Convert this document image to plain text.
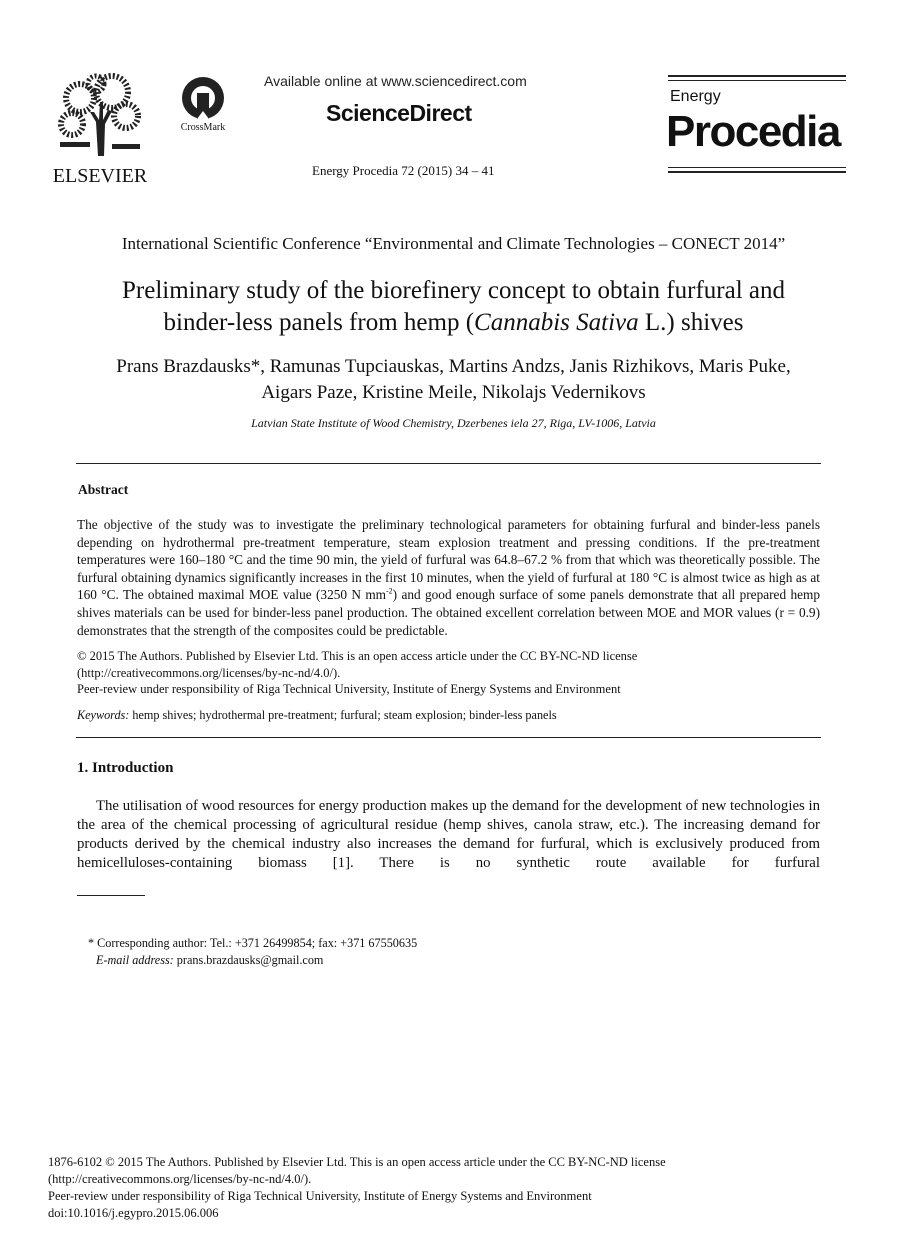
ELSEVIER
CrossMark
Available online at www.sciencedirect.com
ScienceDirect
Energy Procedia 72 (2015) 34 – 41
Energy
Procedia
International Scientific Conference “Environmental and Climate Technologies – CONECT 2014”
Preliminary study of the biorefinery concept to obtain furfural and
binder-less panels from hemp (Cannabis Sativa L.) shives
Prans Brazdausks*, Ramunas Tupciauskas, Martins Andzs, Janis Rizhikovs, Maris Puke,
Aigars Paze, Kristine Meile, Nikolajs Vedernikovs
Latvian State Institute of Wood Chemistry, Dzerbenes iela 27, Riga, LV-1006, Latvia
Abstract
The objective of the study was to investigate the preliminary technological parameters for obtaining furfural and binder-less panels depending on hydrothermal pre-treatment temperature, steam explosion treatment and pressing conditions. If the pre-treatment temperatures were 160–180 °C and the time 90 min, the yield of furfural was 64.8–67.2 % from that which was theoretically possible. The furfural obtaining dynamics significantly increases in the first 10 minutes, when the yield of furfural at 180 °C is almost twice as high as at 160 °C. The obtained maximal MOE value (3250 N $mm^{-2}$) and good enough surface of some panels demonstrate that all prepared hemp shives materials can be used for binder-less panel production. The obtained excellent correlation between MOE and MOR values (r = 0.9) demonstrates that the strength of the composites could be predictable.
© 2015 The Authors. Published by Elsevier Ltd. This is an open access article under the CC BY-NC-ND license
(http://creativecommons.org/licenses/by-nc-nd/4.0/).
Peer-review under responsibility of Riga Technical University, Institute of Energy Systems and Environment
Keywords: hemp shives; hydrothermal pre-treatment; furfural; steam explosion; binder-less panels
1. Introduction
The utilisation of wood resources for energy production makes up the demand for the development of new technologies in the area of the chemical processing of agricultural residue (hemp shives, canola straw, etc.). The increasing demand for products derived by the chemical industry also increases the demand for furfural, which is exclusively produced from hemicelluloses-containing biomass [1]. There is no synthetic route available for furfural
* Corresponding author: Tel.: +371 26499854; fax: +371 67550635
E-mail address: prans.brazdausks@gmail.com
1876-6102 © 2015 The Authors. Published by Elsevier Ltd. This is an open access article under the CC BY-NC-ND license
(http://creativecommons.org/licenses/by-nc-nd/4.0/).
Peer-review under responsibility of Riga Technical University, Institute of Energy Systems and Environment
doi:10.1016/j.egypro.2015.06.006
